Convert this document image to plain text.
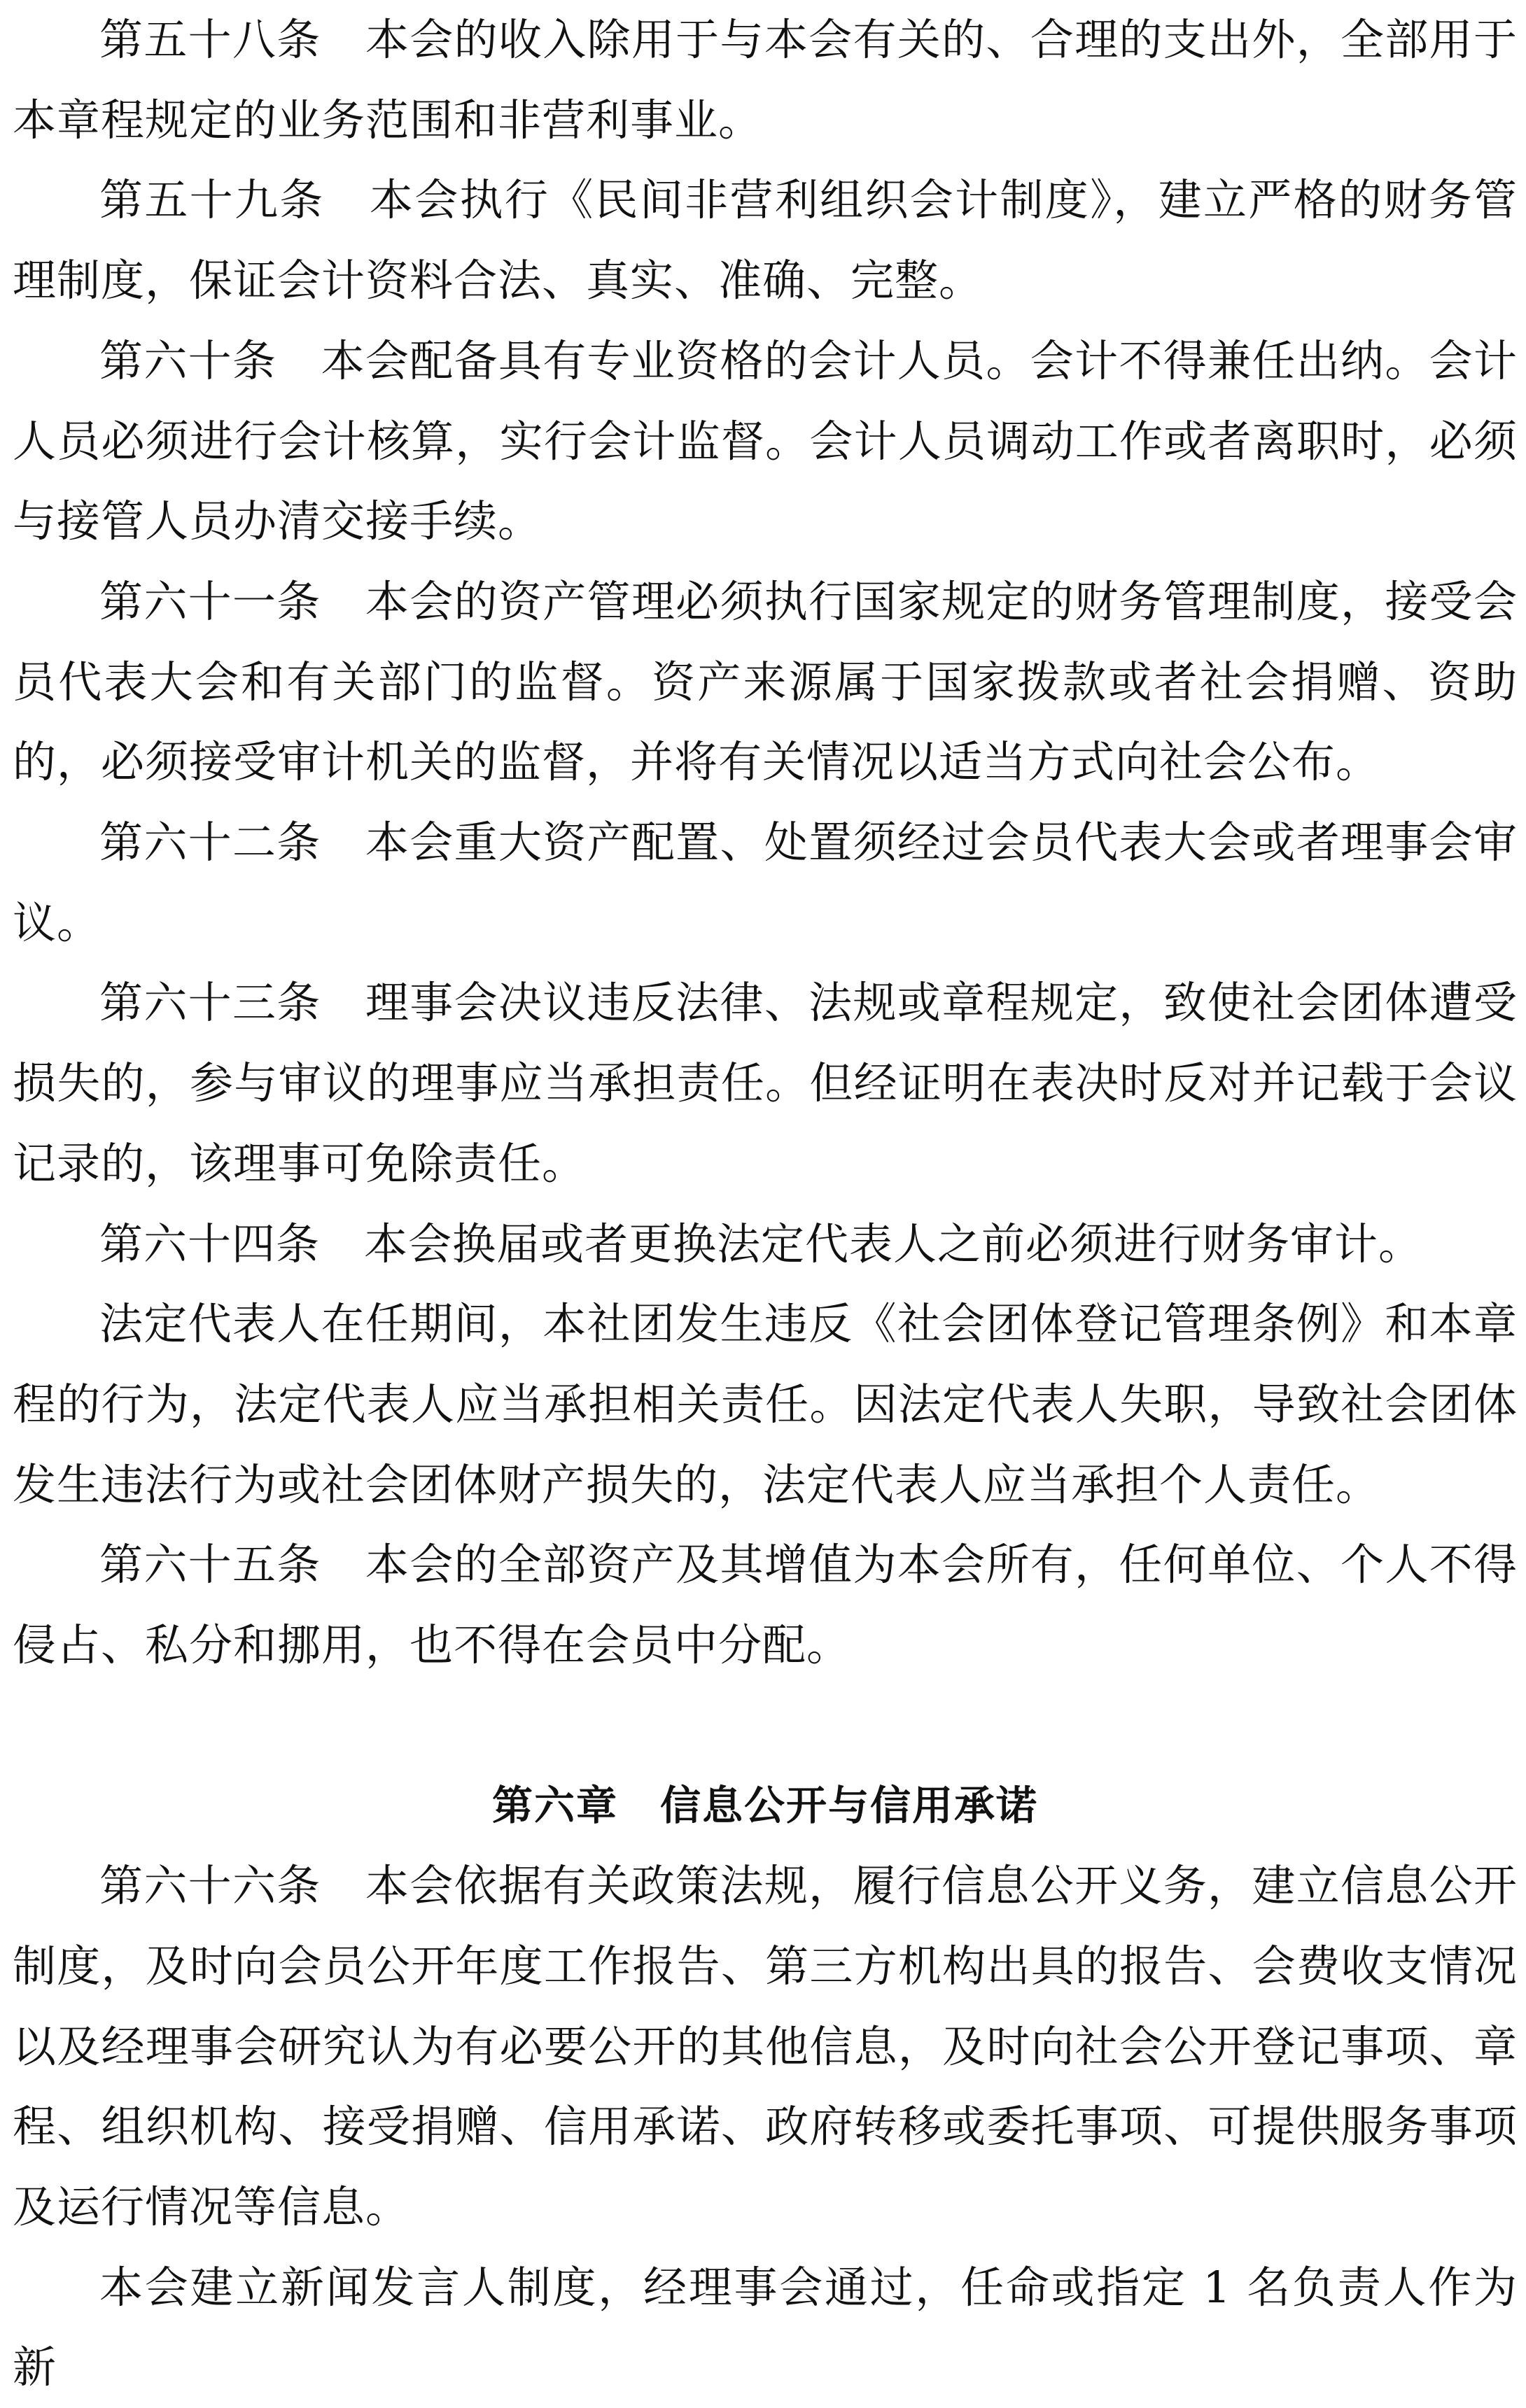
第五十八条　本会的收入除用于与本会有关的、合理的支出外，全部用于本章程规定的业务范围和非营利事业。

第五十九条　本会执行《民间非营利组织会计制度》，建立严格的财务管理制度，保证会计资料合法、真实、准确、完整。

第六十条　本会配备具有专业资格的会计人员。会计不得兼任出纳。会计人员必须进行会计核算，实行会计监督。会计人员调动工作或者离职时，必须与接管人员办清交接手续。

第六十一条　本会的资产管理必须执行国家规定的财务管理制度，接受会员代表大会和有关部门的监督。资产来源属于国家拨款或者社会捐赠、资助的，必须接受审计机关的监督，并将有关情况以适当方式向社会公布。

第六十二条　本会重大资产配置、处置须经过会员代表大会或者理事会审议。

第六十三条　理事会决议违反法律、法规或章程规定，致使社会团体遭受损失的，参与审议的理事应当承担责任。但经证明在表决时反对并记载于会议记录的，该理事可免除责任。

第六十四条　本会换届或者更换法定代表人之前必须进行财务审计。

法定代表人在任期间，本社团发生违反《社会团体登记管理条例》和本章程的行为，法定代表人应当承担相关责任。因法定代表人失职，导致社会团体发生违法行为或社会团体财产损失的，法定代表人应当承担个人责任。

第六十五条　本会的全部资产及其增值为本会所有，任何单位、个人不得侵占、私分和挪用，也不得在会员中分配。

第六章　信息公开与信用承诺

第六十六条　本会依据有关政策法规，履行信息公开义务，建立信息公开制度，及时向会员公开年度工作报告、第三方机构出具的报告、会费收支情况以及经理事会研究认为有必要公开的其他信息，及时向社会公开登记事项、章程、组织机构、接受捐赠、信用承诺、政府转移或委托事项、可提供服务事项及运行情况等信息。

本会建立新闻发言人制度，经理事会通过，任命或指定 1 名负责人作为新
